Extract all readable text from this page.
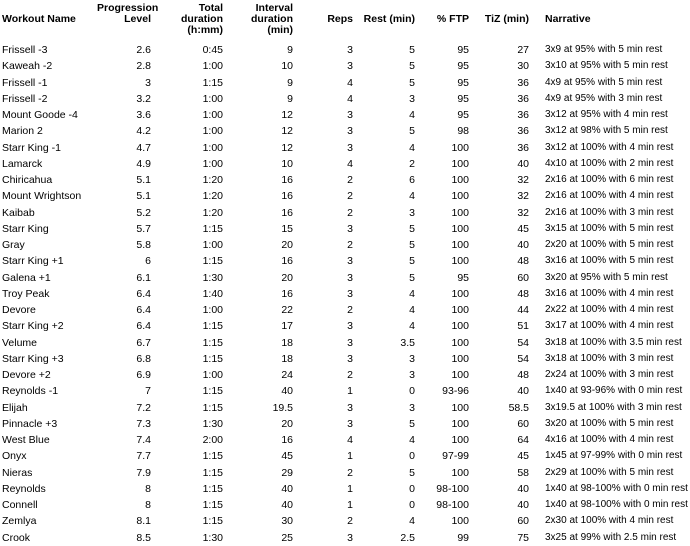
Workout Name	Progression Level	Total duration (h:mm)	Interval duration (min)	Reps	Rest (min)	% FTP	TiZ (min)	Narrative
Frissell -3	2.6	0:45	9	3	5	95	27	3x9 at 95% with 5 min rest
Kaweah -2	2.8	1:00	10	3	5	95	30	3x10 at 95% with 5 min rest
Frissell -1	3	1:15	9	4	5	95	36	4x9 at 95% with 5 min rest
Frissell -2	3.2	1:00	9	4	3	95	36	4x9 at 95% with 3 min rest
Mount Goode -4	3.6	1:00	12	3	4	95	36	3x12 at 95% with 4 min rest
Marion 2	4.2	1:00	12	3	5	98	36	3x12 at 98% with 5 min rest
Starr King -1	4.7	1:00	12	3	4	100	36	3x12 at 100% with 4 min rest
Lamarck	4.9	1:00	10	4	2	100	40	4x10 at 100% with 2 min rest
Chiricahua	5.1	1:20	16	2	6	100	32	2x16 at 100% with 6 min rest
Mount Wrightson	5.1	1:20	16	2	4	100	32	2x16 at 100% with 4 min rest
Kaibab	5.2	1:20	16	2	3	100	32	2x16 at 100% with 3 min rest
Starr King	5.7	1:15	15	3	5	100	45	3x15 at 100% with 5 min rest
Gray	5.8	1:00	20	2	5	100	40	2x20 at 100% with 5 min rest
Starr King +1	6	1:15	16	3	5	100	48	3x16 at 100% with 5 min rest
Galena +1	6.1	1:30	20	3	5	95	60	3x20 at 95% with 5 min rest
Troy Peak	6.4	1:40	16	3	4	100	48	3x16 at 100% with 4 min rest
Devore	6.4	1:00	22	2	4	100	44	2x22 at 100% with 4 min rest
Starr King +2	6.4	1:15	17	3	4	100	51	3x17 at 100% with 4 min rest
Velume	6.7	1:15	18	3	3.5	100	54	3x18 at 100% with 3.5 min rest
Starr King +3	6.8	1:15	18	3	3	100	54	3x18 at 100% with 3 min rest
Devore +2	6.9	1:00	24	2	3	100	48	2x24 at 100% with 3 min rest
Reynolds -1	7	1:15	40	1	0	93-96	40	1x40 at 93-96% with 0 min rest
Elijah	7.2	1:15	19.5	3	3	100	58.5	3x19.5 at 100% with 3 min rest
Pinnacle +3	7.3	1:30	20	3	5	100	60	3x20 at 100% with 5 min rest
West Blue	7.4	2:00	16	4	4	100	64	4x16 at 100% with 4 min rest
Onyx	7.7	1:15	45	1	0	97-99	45	1x45 at 97-99% with 0 min rest
Nieras	7.9	1:15	29	2	5	100	58	2x29 at 100% with 5 min rest
Reynolds	8	1:15	40	1	0	98-100	40	1x40 at 98-100% with 0 min rest
Connell	8	1:15	40	1	0	98-100	40	1x40 at 98-100% with 0 min rest
Zemlya	8.1	1:15	30	2	4	100	60	2x30 at 100% with 4 min rest
Crook	8.5	1:30	25	3	2.5	99	75	3x25 at 99% with 2.5 min rest
